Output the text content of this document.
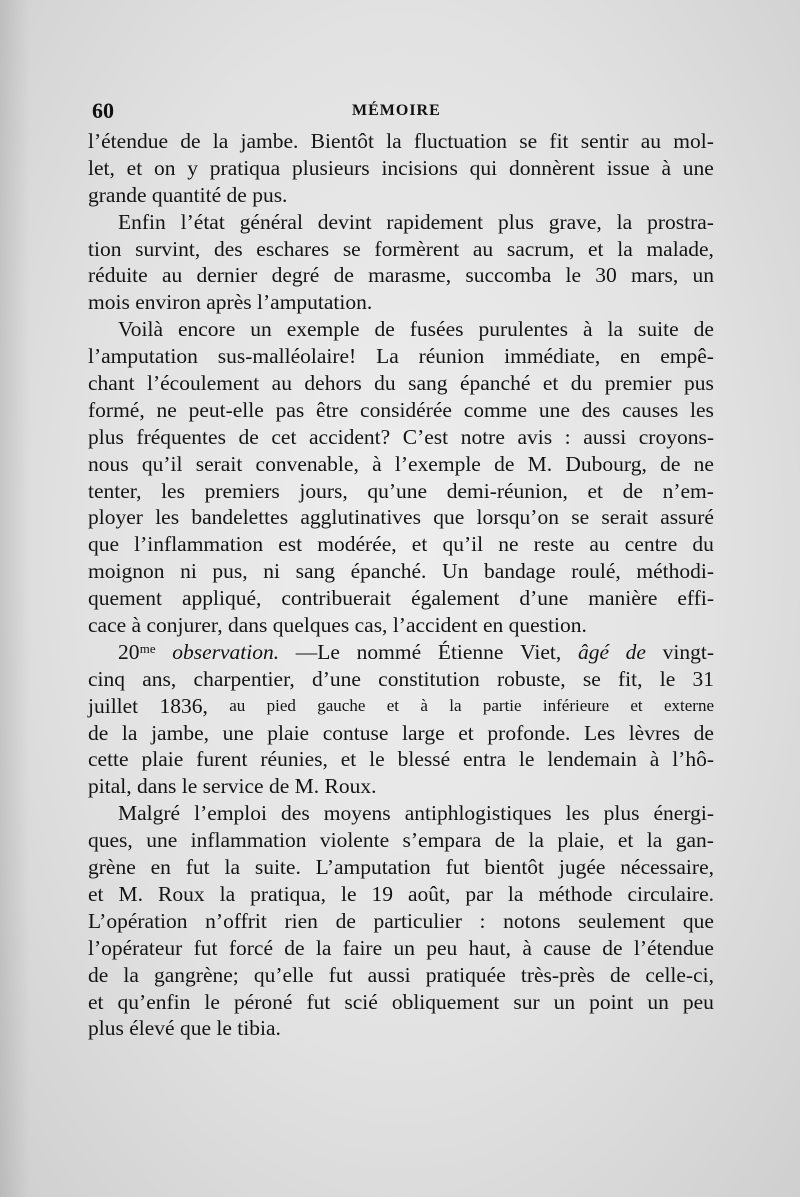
60	MÉMOIRE
l’étendue de la jambe. Bientôt la fluctuation se fit sentir au mol-
let, et on y pratiqua plusieurs incisions qui donnèrent issue à une
grande
quantité
de
pus.
Enfin l’état général devint rapidement plus grave, la prostra-
tion survint, des eschares se formèrent au sacrum, et la malade,
réduite au dernier degré de marasme, succomba le 30 mars, un
mois
environ
après
l’amputation.
Voilà encore un exemple de fusées purulentes à la suite de
l’amputation sus-malléolaire! La réunion immédiate, en empê-
chant l’écoulement au dehors du sang épanché et du premier pus
formé, ne peut-elle pas être considérée comme une des causes les
plus fréquentes de cet accident? C’est notre avis : aussi croyons-
nous qu’il serait convenable, à l’exemple de M. Dubourg, de ne
tenter, les premiers jours, qu’une demi-réunion, et de n’em-
ployer les bandelettes agglutinatives que lorsqu’on se serait assuré
que l’inflammation est modérée, et qu’il ne reste au centre du
moignon ni pus, ni sang épanché. Un bandage roulé, méthodi-
quement appliqué, contribuerait également d’une manière effi-
cace
à
conjurer,
dans
quelques
cas,
l’accident
en
question.
20ᵐᵉ observation. —Le nommé Étienne Viet, âgé de vingt-
cinq ans, charpentier, d’une constitution robuste, se fit, le 31
juillet 1836, au pied gauche et à la partie inférieure et externe
de la jambe, une plaie contuse large et profonde. Les lèvres de
cette plaie furent réunies, et le blessé entra le lendemain à l’hô-
pital,
dans
le
service
de
M.
Roux.
Malgré l’emploi des moyens antiphlogistiques les plus énergi-
ques, une inflammation violente s’empara de la plaie, et la gan-
grène en fut la suite. L’amputation fut bientôt jugée nécessaire,
et M. Roux la pratiqua, le 19 août, par la méthode circulaire.
L’opération n’offrit rien de particulier : notons seulement que
l’opérateur fut forcé de la faire un peu haut, à cause de l’étendue
de la gangrène; qu’elle fut aussi pratiquée très-près de celle-ci,
et qu’enfin le péroné fut scié obliquement sur un point un peu
plus
élevé
que
le
tibia.
